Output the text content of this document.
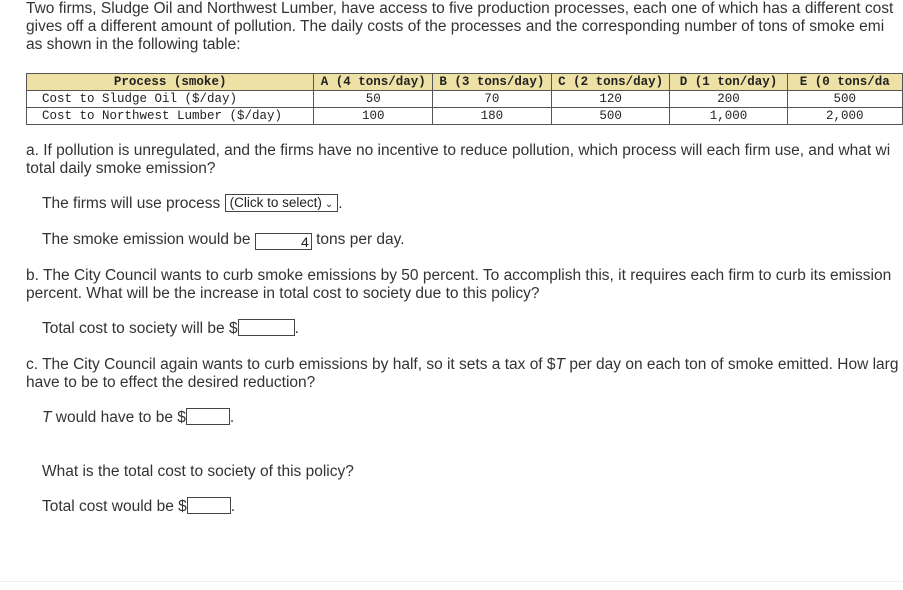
Two firms, Sludge Oil and Northwest Lumber, have access to five production processes, each one of which has a different cost
gives off a different amount of pollution. The daily costs of the processes and the corresponding number of tons of smoke emi
as shown in the following table:
Process (smoke)	A (4 tons/day)	B (3 tons/day)	C (2 tons/day)	D (1 ton/day)	E (0 tons/da
Cost to Sludge Oil ($/day)	50	70	120	200	500
Cost to Northwest Lumber ($/day)	100	180	500	1,000	2,000
a. If pollution is unregulated, and the firms have no incentive to reduce pollution, which process will each firm use, and what wi
total daily smoke emission?
The firms will use process (Click to select) ⌄ .
The smoke emission would be	4 tons per day.
b. The City Council wants to curb smoke emissions by 50 percent. To accomplish this, it requires each firm to curb its emission
percent. What will be the increase in total cost to society due to this policy?
Total cost to society will be $	.
c. The City Council again wants to curb emissions by half, so it sets a tax of $T per day on each ton of smoke emitted. How larg
have to be to effect the desired reduction?
T would have to be $	.
What is the total cost to society of this policy?
Total cost would be $	.
